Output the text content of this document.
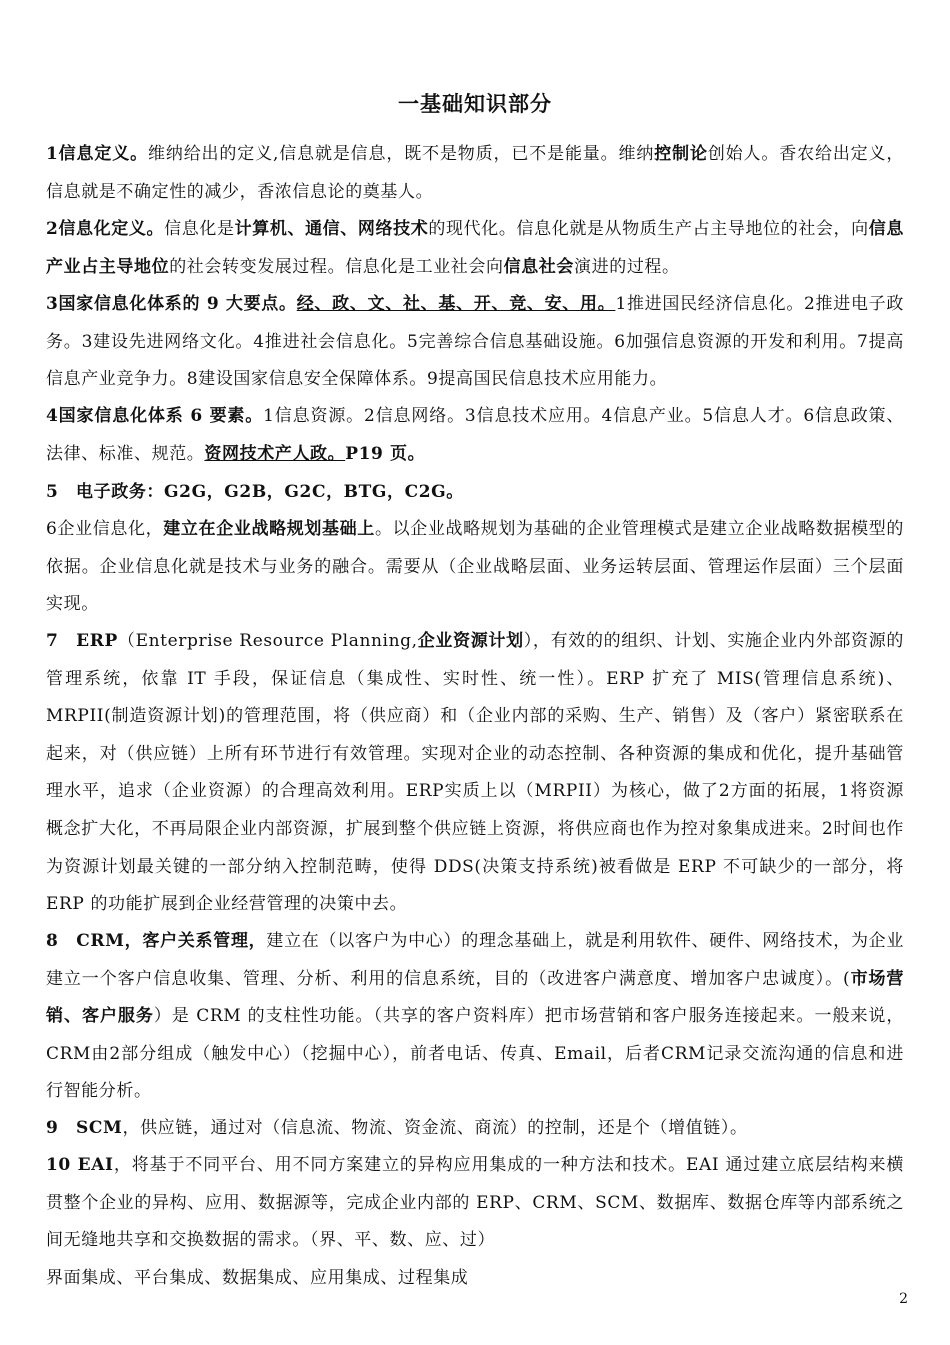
一基础知识部分
1信息定义。维纳给出的定义,信息就是信息，既不是物质，已不是能量。维纳控制论创始人。香农给出定义，信息就是不确定性的减少，香浓信息论的奠基人。
2信息化定义。信息化是计算机、通信、网络技术的现代化。信息化就是从物质生产占主导地位的社会，向信息产业占主导地位的社会转变发展过程。信息化是工业社会向信息社会演进的过程。
3国家信息化体系的 9 大要点。经、政、文、社、基、开、竞、安、用。1推进国民经济信息化。2推进电子政务。3建设先进网络文化。4推进社会信息化。5完善综合信息基础设施。6加强信息资源的开发和利用。7提高信息产业竞争力。8建设国家信息安全保障体系。9提高国民信息技术应用能力。
4国家信息化体系 6 要素。1信息资源。2信息网络。3信息技术应用。4信息产业。5信息人才。6信息政策、法律、标准、规范。资网技术产人政。P19 页。
5　电子政务：G2G，G2B，G2C，BTG，C2G。
6企业信息化，建立在企业战略规划基础上。以企业战略规划为基础的企业管理模式是建立企业战略数据模型的依据。企业信息化就是技术与业务的融合。需要从（企业战略层面、业务运转层面、管理运作层面）三个层面实现。
7　ERP（Enterprise Resource Planning,企业资源计划），有效的的组织、计划、实施企业内外部资源的管理系统，依靠 IT 手段，保证信息（集成性、实时性、统一性）。ERP 扩充了 MIS(管理信息系统)、MRPII(制造资源计划)的管理范围，将（供应商）和（企业内部的采购、生产、销售）及（客户）紧密联系在起来，对（供应链）上所有环节进行有效管理。实现对企业的动态控制、各种资源的集成和优化，提升基础管理水平，追求（企业资源）的合理高效利用。ERP实质上以（MRPII）为核心，做了2方面的拓展，1将资源概念扩大化，不再局限企业内部资源，扩展到整个供应链上资源，将供应商也作为控对象集成进来。2时间也作为资源计划最关键的一部分纳入控制范畴，使得 DDS(决策支持系统)被看做是 ERP 不可缺少的一部分，将 ERP 的功能扩展到企业经营管理的决策中去。
8　CRM，客户关系管理，建立在（以客户为中心）的理念基础上，就是利用软件、硬件、网络技术，为企业建立一个客户信息收集、管理、分析、利用的信息系统，目的（改进客户满意度、增加客户忠诚度）。(市场营销、客户服务）是 CRM 的支柱性功能。（共享的客户资料库）把市场营销和客户服务连接起来。一般来说，CRM由2部分组成（触发中心）（挖掘中心），前者电话、传真、Email，后者CRM记录交流沟通的信息和进行智能分析。
9　SCM，供应链，通过对（信息流、物流、资金流、商流）的控制，还是个（增值链）。
10 EAI，将基于不同平台、用不同方案建立的异构应用集成的一种方法和技术。EAI 通过建立底层结构来横贯整个企业的异构、应用、数据源等，完成企业内部的 ERP、CRM、SCM、数据库、数据仓库等内部系统之间无缝地共享和交换数据的需求。（界、平、数、应、过）
界面集成、平台集成、数据集成、应用集成、过程集成
2
